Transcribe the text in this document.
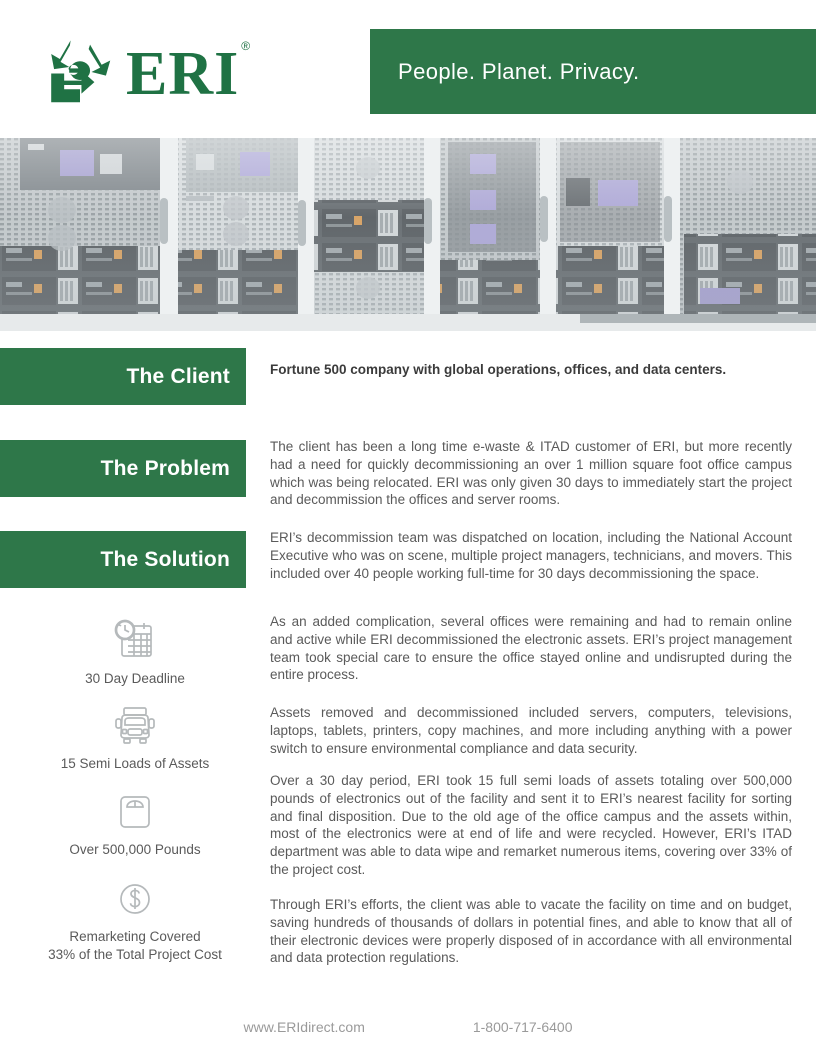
ERI ®
People. Planet. Privacy.
The Client
The Problem
The Solution

Fortune 500 company with global operations, offices, and data centers.

The client has been a long time e-waste & ITAD customer of ERI, but more recently had a need for quickly decommissioning an over 1 million square foot office campus which was being relocated. ERI was only given 30 days to immediately start the project and decommission the offices and server rooms.

ERI’s decommission team was dispatched on location, including the National Account Executive who was on scene, multiple project managers, technicians, and movers. This included over 40 people working full-time for 30 days decommissioning the space.

As an added complication, several offices were remaining and had to remain online and active while ERI decommissioned the electronic assets. ERI’s project management team took special care to ensure the office stayed online and undisrupted during the entire process.

Assets removed and decommissioned included servers, computers, televisions, laptops, tablets, printers, copy machines, and more including anything with a power switch to ensure environmental compliance and data security.

Over a 30 day period, ERI took 15 full semi loads of assets totaling over 500,000 pounds of electronics out of the facility and sent it to ERI’s nearest facility for sorting and final disposition. Due to the old age of the office campus and the assets within, most of the electronics were at end of life and were recycled. However, ERI’s ITAD department was able to data wipe and remarket numerous items, covering over 33% of the project cost.

Through ERI’s efforts, the client was able to vacate the facility on time and on budget, saving hundreds of thousands of dollars in potential fines, and able to know that all of their electronic devices were properly disposed of in accordance with all environmental and data protection regulations.

30 Day Deadline
15 Semi Loads of Assets
Over 500,000 Pounds
Remarketing Covered
33% of the Total Project Cost
www.ERIdirect.com	1-800-717-6400
